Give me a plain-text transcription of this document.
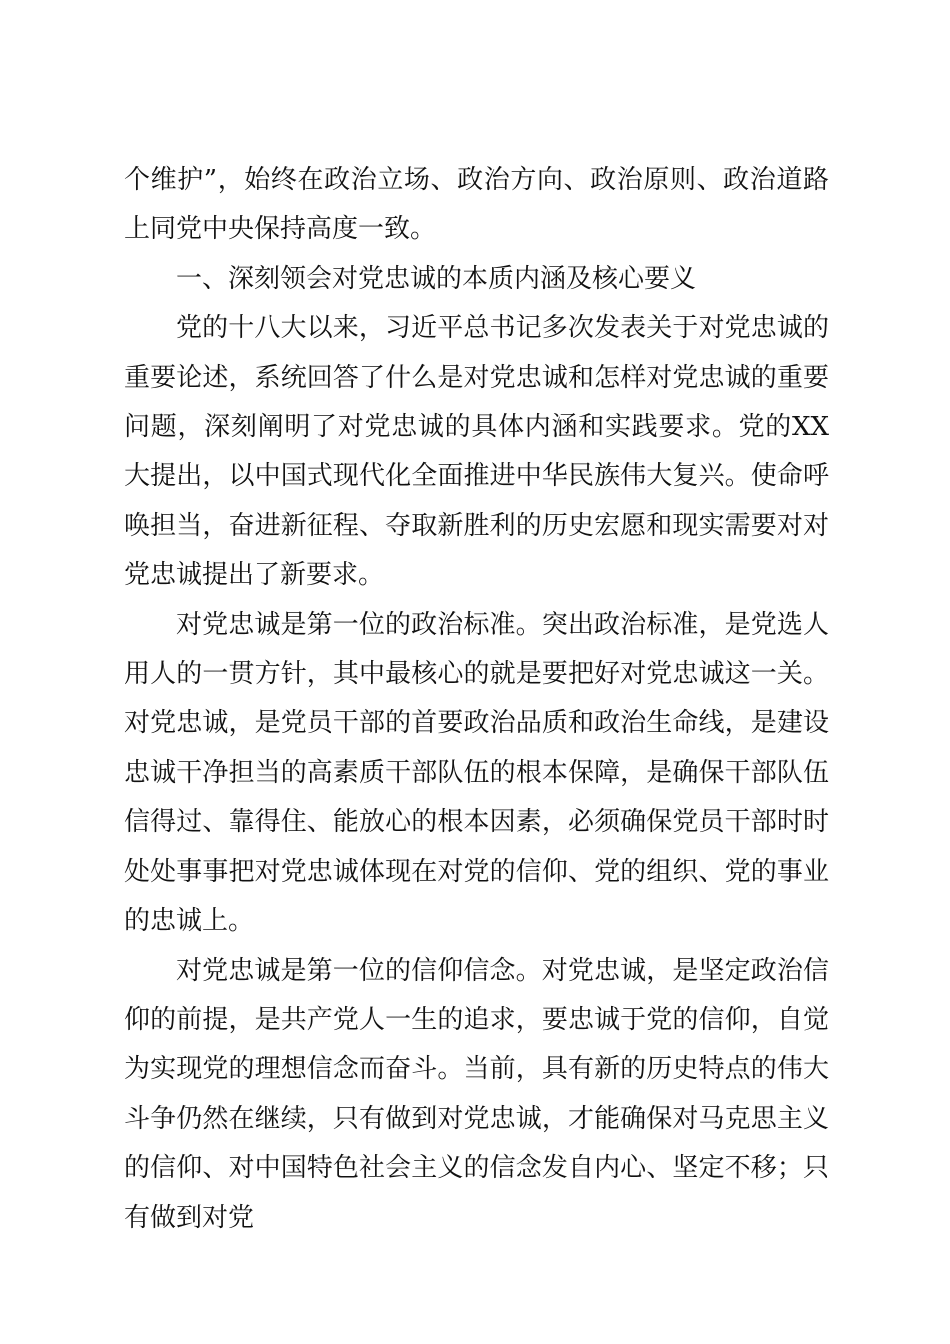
个维护”，始终在政治立场、政治方向、政治原则、政治道路上同党中央保持高度一致。

一、深刻领会对党忠诚的本质内涵及核心要义

党的十八大以来，习近平总书记多次发表关于对党忠诚的重要论述，系统回答了什么是对党忠诚和怎样对党忠诚的重要问题，深刻阐明了对党忠诚的具体内涵和实践要求。党的XX大提出，以中国式现代化全面推进中华民族伟大复兴。使命呼唤担当，奋进新征程、夺取新胜利的历史宏愿和现实需要对对党忠诚提出了新要求。

对党忠诚是第一位的政治标准。突出政治标准，是党选人用人的一贯方针，其中最核心的就是要把好对党忠诚这一关。对党忠诚，是党员干部的首要政治品质和政治生命线，是建设忠诚干净担当的高素质干部队伍的根本保障，是确保干部队伍信得过、靠得住、能放心的根本因素，必须确保党员干部时时处处事事把对党忠诚体现在对党的信仰、党的组织、党的事业的忠诚上。

对党忠诚是第一位的信仰信念。对党忠诚，是坚定政治信仰的前提，是共产党人一生的追求，要忠诚于党的信仰，自觉为实现党的理想信念而奋斗。当前，具有新的历史特点的伟大斗争仍然在继续，只有做到对党忠诚，才能确保对马克思主义的信仰、对中国特色社会主义的信念发自内心、坚定不移；只有做到对党
